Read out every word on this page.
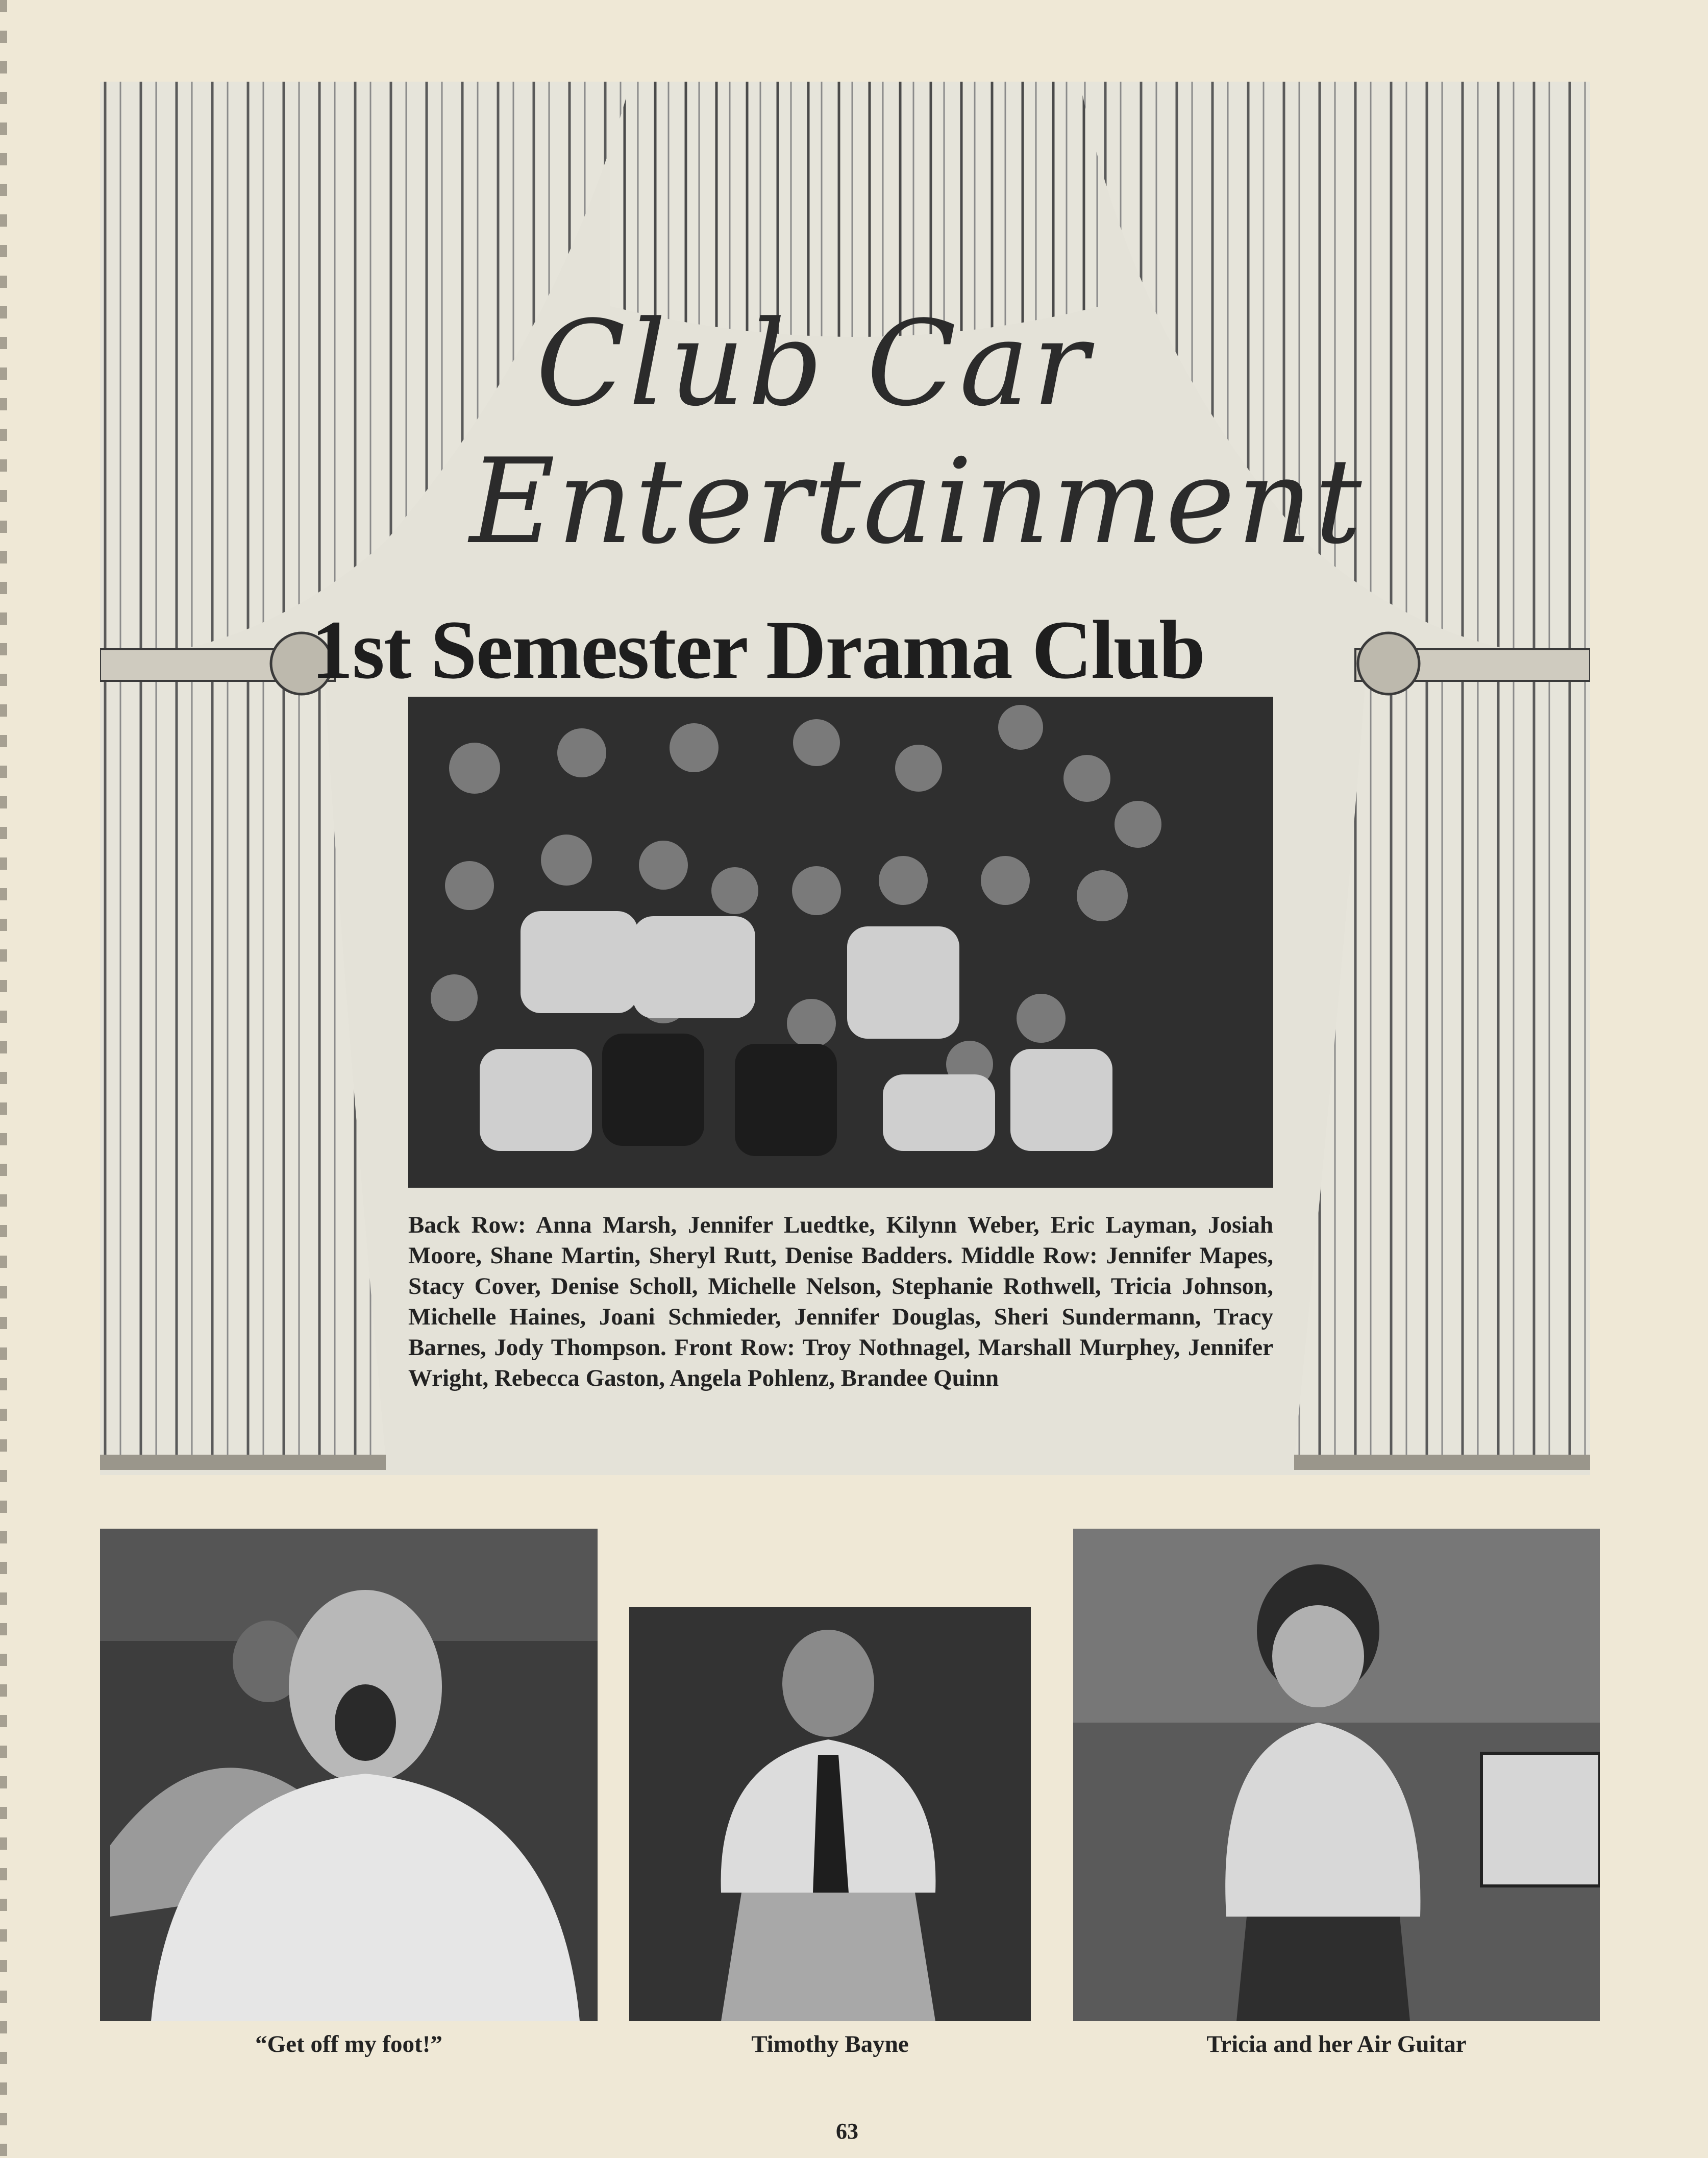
Club Car
Entertainment
1st Semester Drama Club
Back Row: Anna Marsh, Jennifer Luedtke, Kilynn Weber, Eric Layman, Josiah Moore, Shane Martin, Sheryl Rutt, Denise Badders. Middle Row: Jennifer Mapes, Stacy Cover, Denise Scholl, Michelle Nelson, Stephanie Rothwell, Tricia Johnson, Michelle Haines, Joani Schmieder, Jennifer Douglas, Sheri Sundermann, Tracy Barnes, Jody Thompson. Front Row: Troy Nothnagel, Marshall Murphey, Jennifer Wright, Rebecca Gaston, Angela Pohlenz, Brandee Quinn
“Get off my foot!”	Timothy Bayne	Tricia and her Air Guitar
63
